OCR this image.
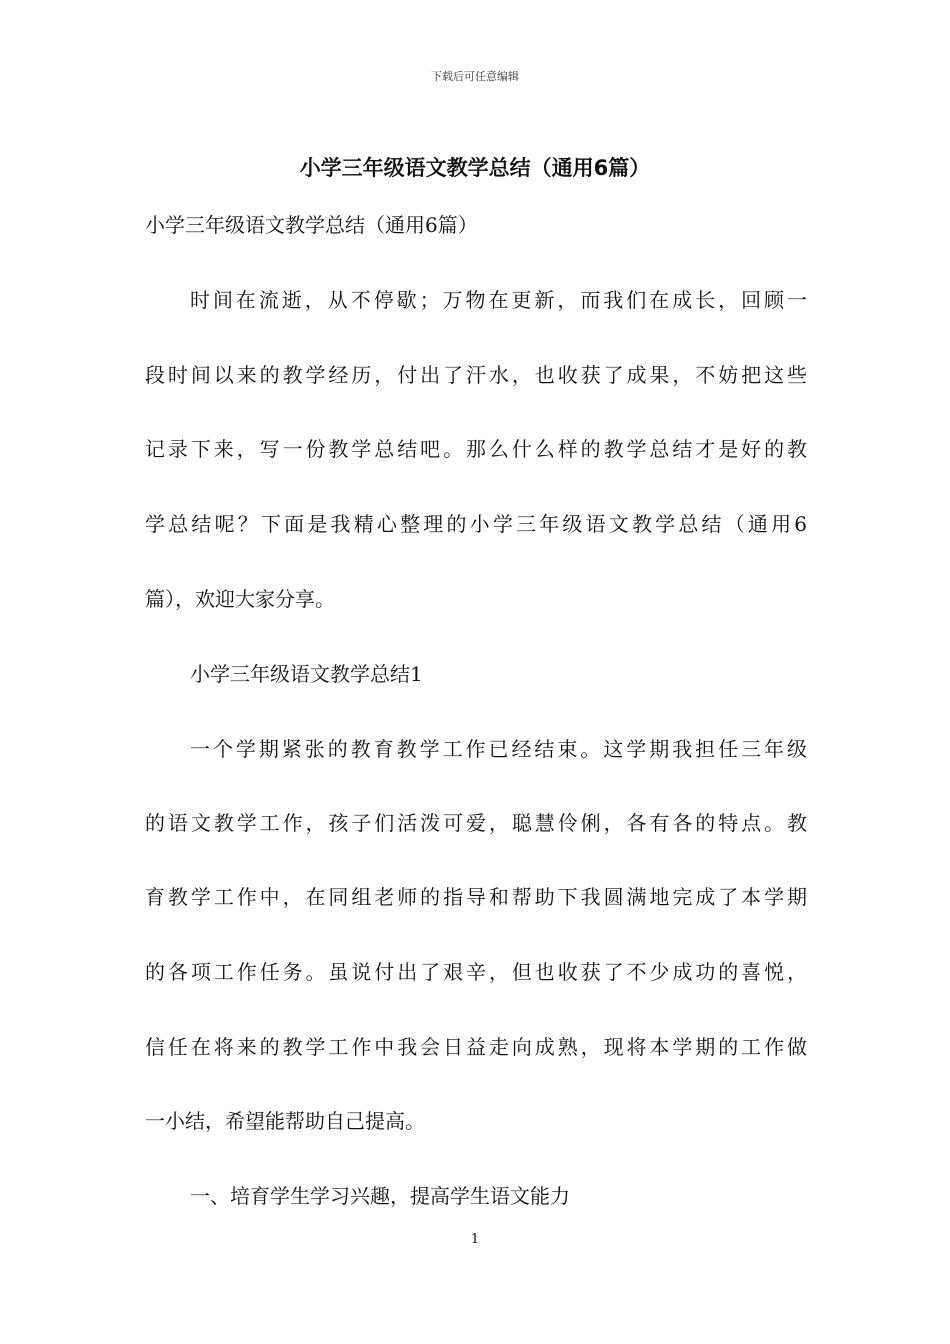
下载后可任意编辑
小学三年级语文教学总结（通用6篇）
小学三年级语文教学总结（通用6篇）
时间在流逝，从不停歇；万物在更新，而我们在成长，回顾一
段时间以来的教学经历，付出了汗水，也收获了成果，不妨把这些
记录下来，写一份教学总结吧。那么什么样的教学总结才是好的教
学总结呢？下面是我精心整理的小学三年级语文教学总结（通用6
篇），欢迎大家分享。
小学三年级语文教学总结1
一个学期紧张的教育教学工作已经结束。这学期我担任三年级
的语文教学工作，孩子们活泼可爱，聪慧伶俐，各有各的特点。教
育教学工作中，在同组老师的指导和帮助下我圆满地完成了本学期
的各项工作任务。虽说付出了艰辛，但也收获了不少成功的喜悦，
信任在将来的教学工作中我会日益走向成熟，现将本学期的工作做
一小结，希望能帮助自己提高。
一、培育学生学习兴趣，提高学生语文能力
1
